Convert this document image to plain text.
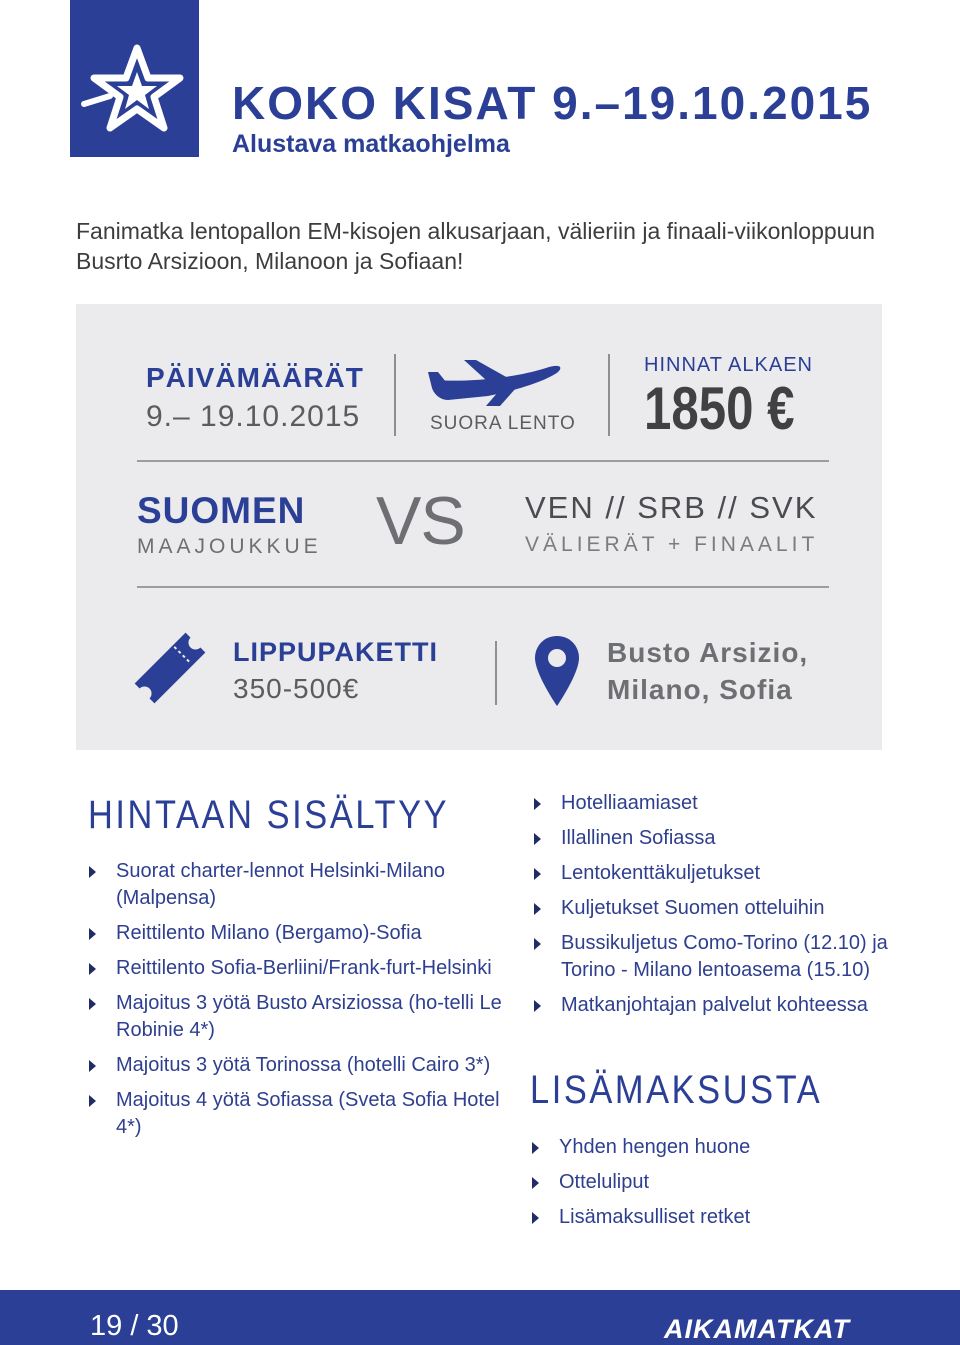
KOKO KISAT 9.–19.10.2015
Alustava matkaohjelma
Fanimatka lentopallon EM-kisojen alkusarjaan, välieriin ja finaali-viikonloppuun Busrto Arsizioon, Milanoon ja Sofiaan!
PÄIVÄMÄÄRÄT
9.– 19.10.2015	SUORA LENTO
HINNAT ALKAEN
1850 €
SUOMEN
MAAJOUKKUE VS VEN // SRB // SVK
VÄLIERÄT + FINAALIT
LIPPUPAKETTI
350-500€
Busto Arsizio,
Milano, Sofia
HINTAAN SISÄLTYY
Suorat charter-lennot Helsinki-Milano (Malpensa)
Reittilento Milano (Bergamo)-Sofia
Reittilento Sofia-Berliini/Frank-furt-Helsinki
Majoitus 3 yötä Busto Arsiziossa (ho-telli Le Robinie 4*)
Majoitus 3 yötä Torinossa (hotelli Cairo 3*)
Majoitus 4 yötä Sofiassa (Sveta Sofia Hotel 4*)
Hotelliaamiaset
Illallinen Sofiassa
Lentokenttäkuljetukset
Kuljetukset Suomen otteluihin
Bussikuljetus Como-Torino (12.10) ja Torino - Milano lentoasema (15.10)
Matkanjohtajan palvelut kohteessa
LISÄMAKSUSTA
Yhden hengen huone
Otteluliput
Lisämaksulliset retket
19 / 30	AIKAMATKAT
